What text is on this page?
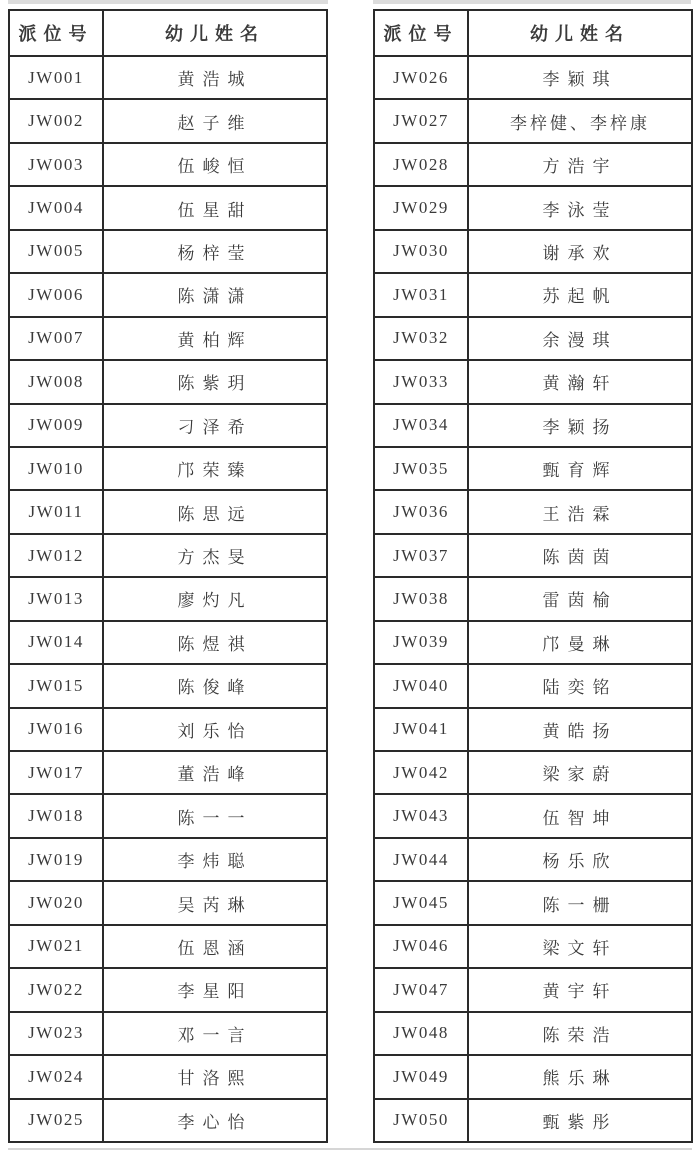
派位号	幼儿姓名
JW001	黄浩城
JW002	赵子维
JW003	伍峻恒
JW004	伍星甜
JW005	杨梓莹
JW006	陈潇潇
JW007	黄柏辉
JW008	陈紫玥
JW009	刁泽希
JW010	邝荣臻
JW011	陈思远
JW012	方杰旻
JW013	廖灼凡
JW014	陈煜祺
JW015	陈俊峰
JW016	刘乐怡
JW017	董浩峰
JW018	陈一一
JW019	李炜聪
JW020	吴芮琳
JW021	伍恩涵
JW022	李星阳
JW023	邓一言
JW024	甘洛熙
JW025	李心怡
派位号	幼儿姓名
JW026	李颖琪
JW027	李梓健、李梓康
JW028	方浩宇
JW029	李泳莹
JW030	谢承欢
JW031	苏起帆
JW032	余漫琪
JW033	黄瀚轩
JW034	李颖扬
JW035	甄育辉
JW036	王浩霖
JW037	陈茵茵
JW038	雷茵榆
JW039	邝曼琳
JW040	陆奕铭
JW041	黄皓扬
JW042	梁家蔚
JW043	伍智坤
JW044	杨乐欣
JW045	陈一栅
JW046	梁文轩
JW047	黄宇轩
JW048	陈荣浩
JW049	熊乐琳
JW050	甄紫彤
